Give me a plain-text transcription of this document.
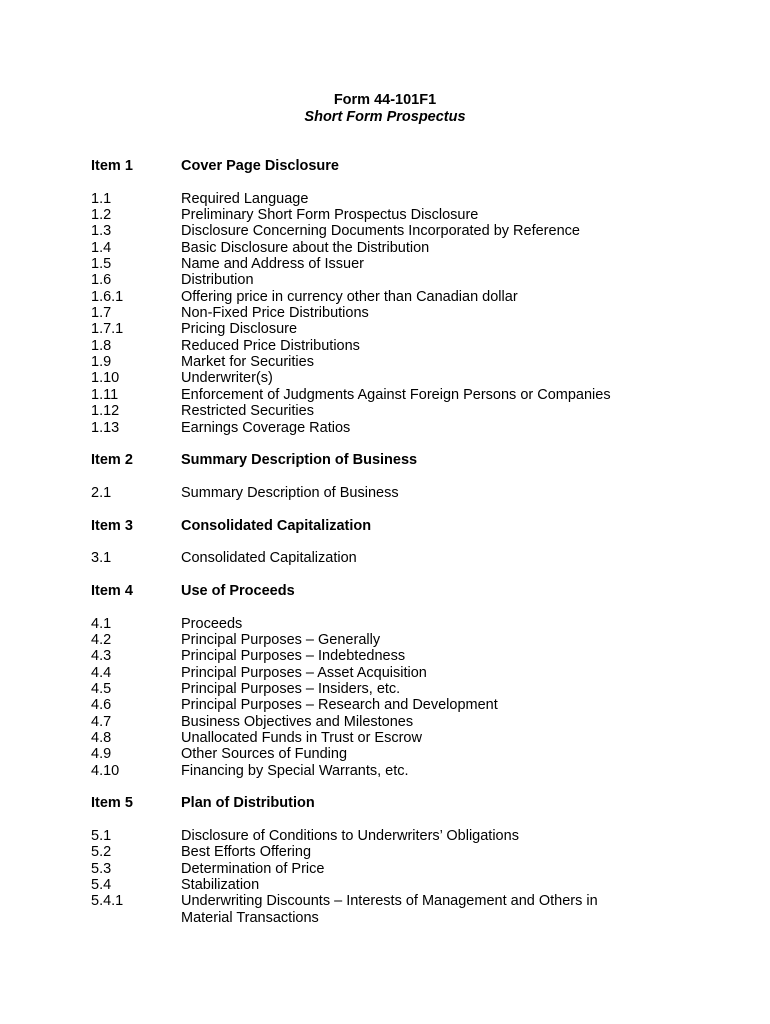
Form 44-101F1
Short Form Prospectus
Item 1	Cover Page Disclosure
1.1	Required Language
1.2	Preliminary Short Form Prospectus Disclosure
1.3	Disclosure Concerning Documents Incorporated by Reference
1.4	Basic Disclosure about the Distribution
1.5	Name and Address of Issuer
1.6	Distribution
1.6.1	Offering price in currency other than Canadian dollar
1.7	Non-Fixed Price Distributions
1.7.1	Pricing Disclosure
1.8	Reduced Price Distributions
1.9	Market for Securities
1.10	Underwriter(s)
1.11	Enforcement of Judgments Against Foreign Persons or Companies
1.12	Restricted Securities
1.13	Earnings Coverage Ratios
Item 2	Summary Description of Business
2.1	Summary Description of Business
Item 3	Consolidated Capitalization
3.1	Consolidated Capitalization
Item 4	Use of Proceeds
4.1	Proceeds
4.2	Principal Purposes – Generally
4.3	Principal Purposes – Indebtedness
4.4	Principal Purposes – Asset Acquisition
4.5	Principal Purposes – Insiders, etc.
4.6	Principal Purposes – Research and Development
4.7	Business Objectives and Milestones
4.8	Unallocated Funds in Trust or Escrow
4.9	Other Sources of Funding
4.10	Financing by Special Warrants, etc.
Item 5	Plan of Distribution
5.1	Disclosure of Conditions to Underwriters’ Obligations
5.2	Best Efforts Offering
5.3	Determination of Price
5.4	Stabilization
5.4.1	Underwriting Discounts – Interests of Management and Others in Material Transactions
